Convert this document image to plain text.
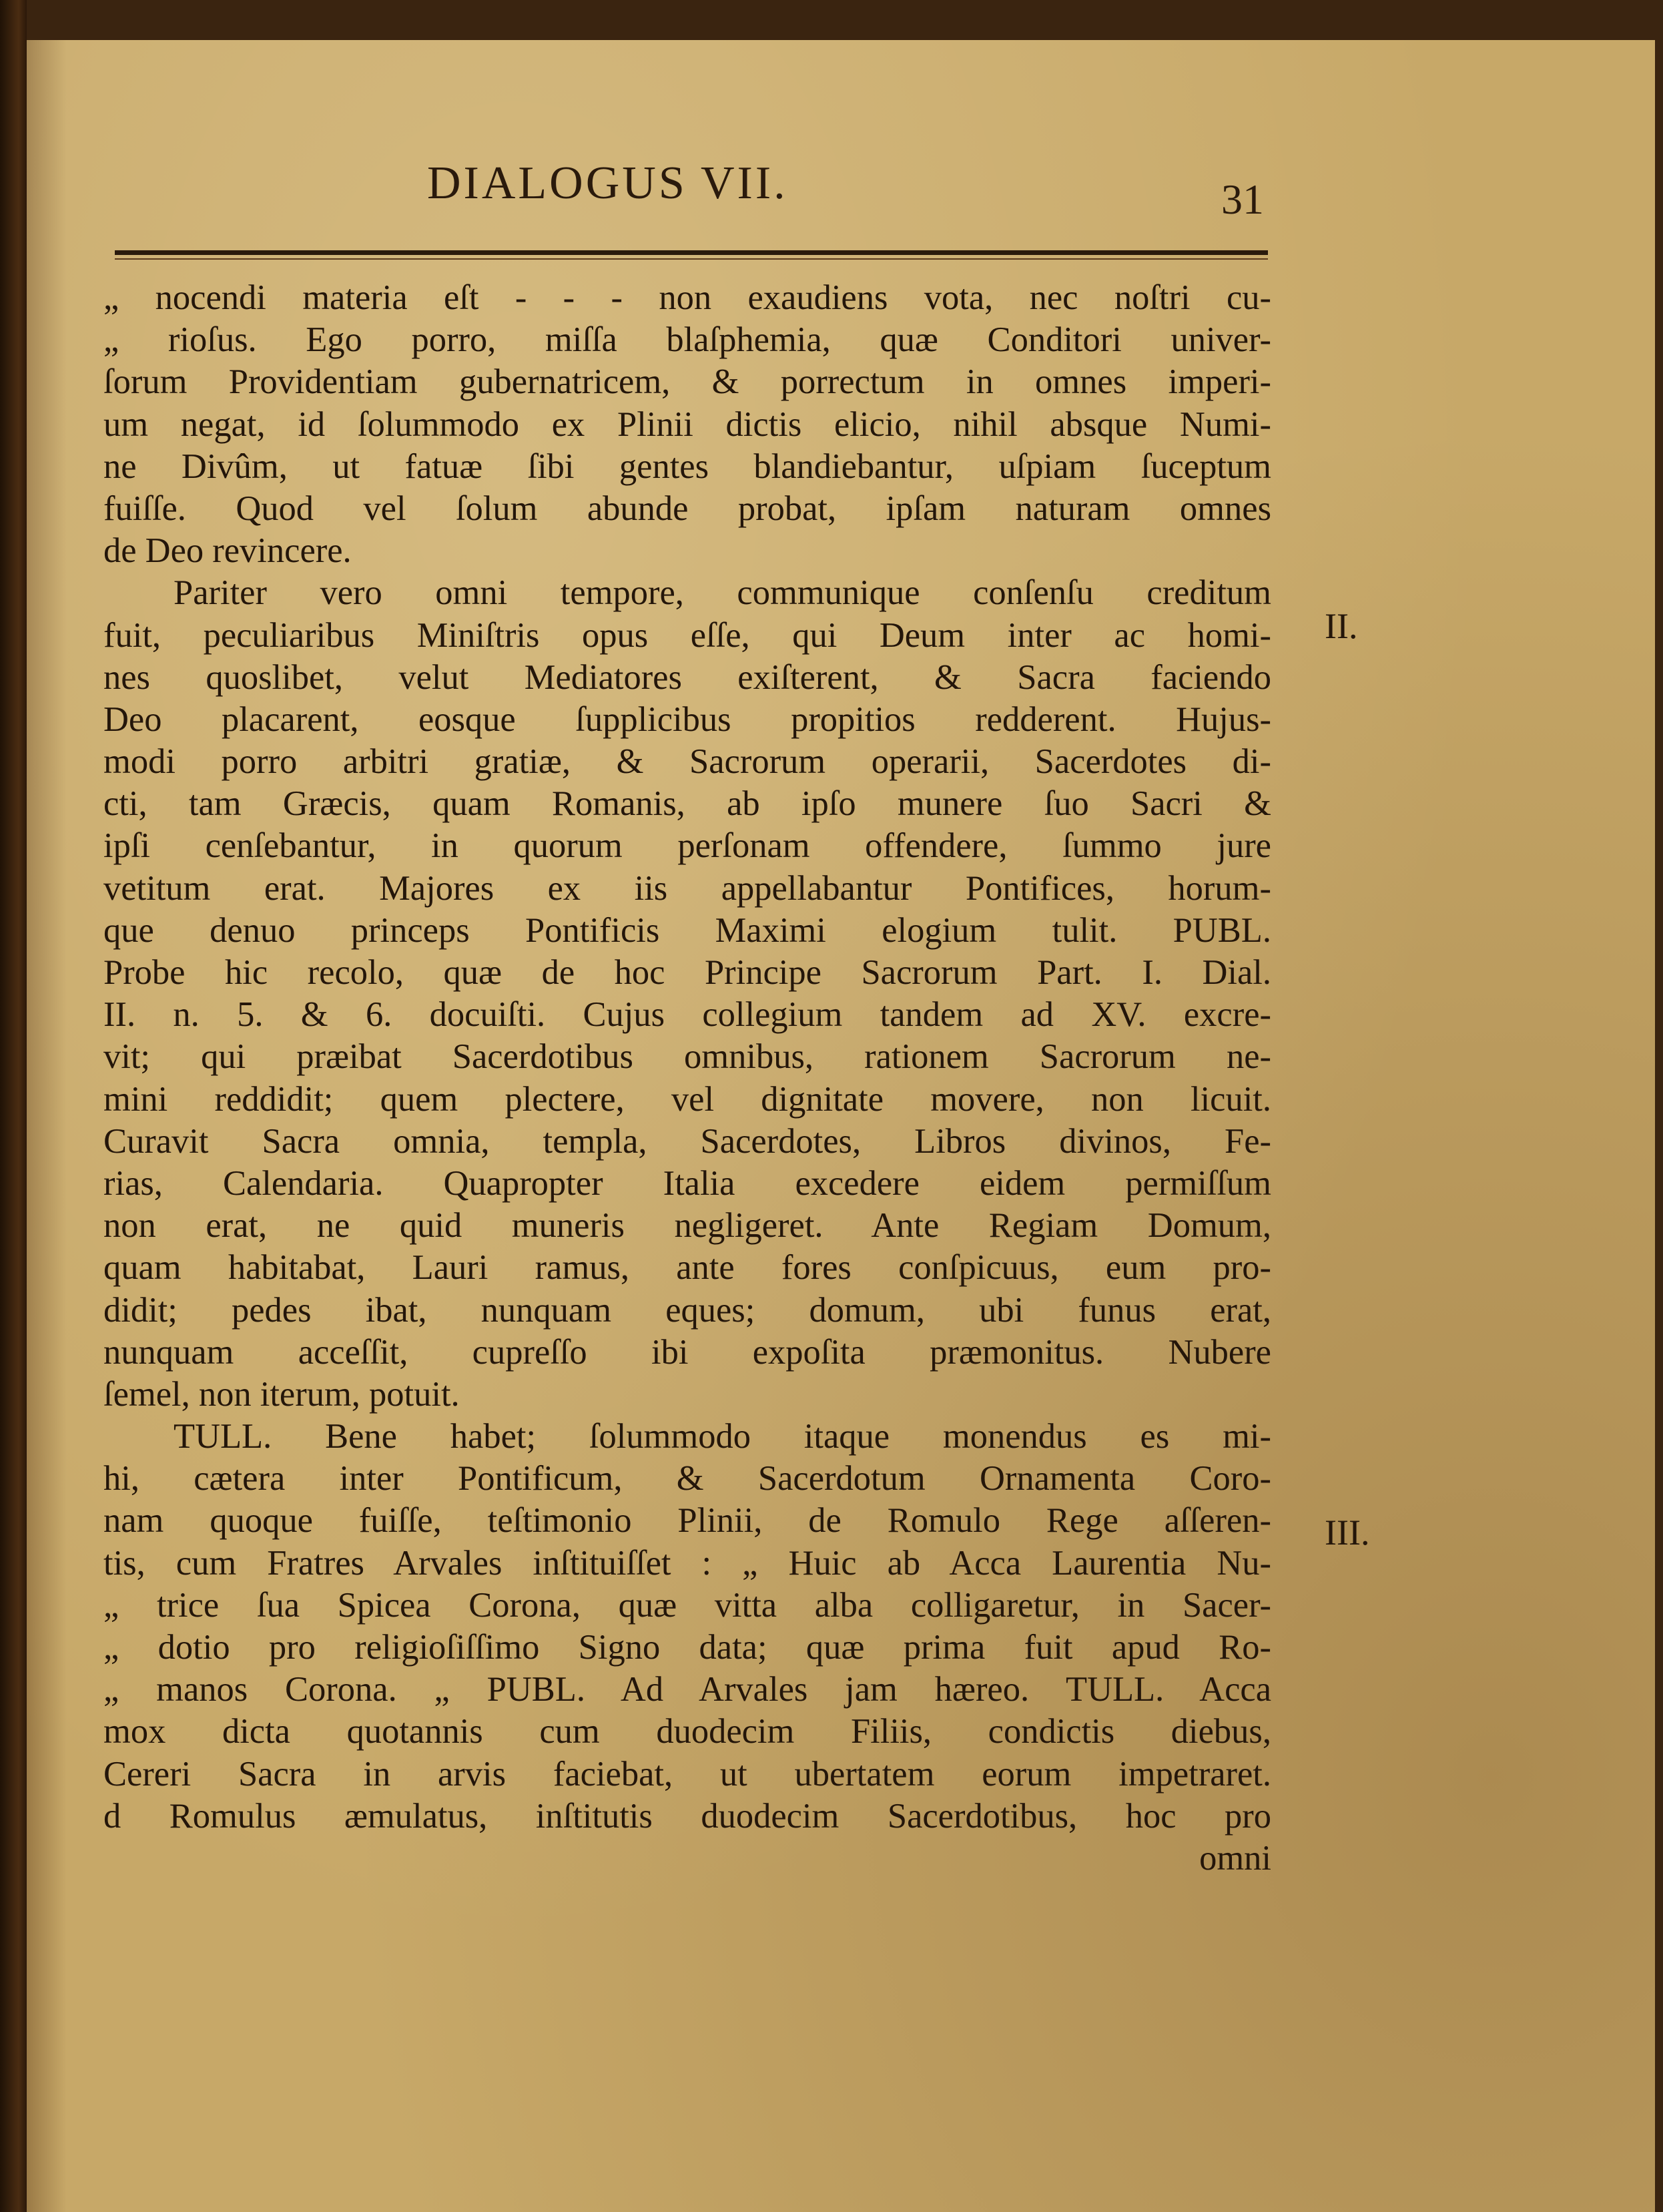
DIALOGUS VII.	31
II.
III.
„ nocendi materia eſt - - - non exaudiens vota, nec noſtri cu-
„ rioſus. Ego porro, miſſa blaſphemia, quæ Conditori univer-
ſorum Providentiam gubernatricem, & porrectum in omnes imperi-
um negat, id ſolummodo ex Plinii dictis elicio, nihil absque Numi-
ne Divûm, ut fatuæ ſibi gentes blandiebantur, uſpiam ſuceptum
fuiſſe. Quod vel ſolum abunde probat, ipſam naturam omnes
de Deo revincere.
Pariter vero omni tempore, communique conſenſu creditum
fuit, peculiaribus Miniſtris opus eſſe, qui Deum inter ac homi-
nes quoslibet, velut Mediatores exiſterent, & Sacra faciendo
Deo placarent, eosque ſupplicibus propitios redderent. Hujus-
modi porro arbitri gratiæ, & Sacrorum operarii, Sacerdotes di-
cti, tam Græcis, quam Romanis, ab ipſo munere ſuo Sacri &
ipſi cenſebantur, in quorum perſonam offendere, ſummo jure
vetitum erat. Majores ex iis appellabantur Pontifices, horum-
que denuo princeps Pontificis Maximi elogium tulit. PUBL.
Probe hic recolo, quæ de hoc Principe Sacrorum Part. I. Dial.
II. n. 5. & 6. docuiſti. Cujus collegium tandem ad XV. excre-
vit; qui præibat Sacerdotibus omnibus, rationem Sacrorum ne-
mini reddidit; quem plectere, vel dignitate movere, non licuit.
Curavit Sacra omnia, templa, Sacerdotes, Libros divinos, Fe-
rias, Calendaria. Quapropter Italia excedere eidem permiſſum
non erat, ne quid muneris negligeret. Ante Regiam Domum,
quam habitabat, Lauri ramus, ante fores conſpicuus, eum pro-
didit; pedes ibat, nunquam eques; domum, ubi funus erat,
nunquam acceſſit, cupreſſo ibi expoſita præmonitus. Nubere
ſemel, non iterum, potuit.
TULL. Bene habet; ſolummodo itaque monendus es mi-
hi, cætera inter Pontificum, & Sacerdotum Ornamenta Coro-
nam quoque fuiſſe, teſtimonio Plinii, de Romulo Rege aſſeren-
tis, cum Fratres Arvales inſtituiſſet : „ Huic ab Acca Laurentia Nu-
„ trice ſua Spicea Corona, quæ vitta alba colligaretur, in Sacer-
„ dotio pro religioſiſſimo Signo data; quæ prima fuit apud Ro-
„ manos Corona. „ PUBL. Ad Arvales jam hæreo. TULL. Acca
mox dicta quotannis cum duodecim Filiis, condictis diebus,
Cereri Sacra in arvis faciebat, ut ubertatem eorum impetraret.
d Romulus æmulatus, inſtitutis duodecim Sacerdotibus, hoc pro
omni
